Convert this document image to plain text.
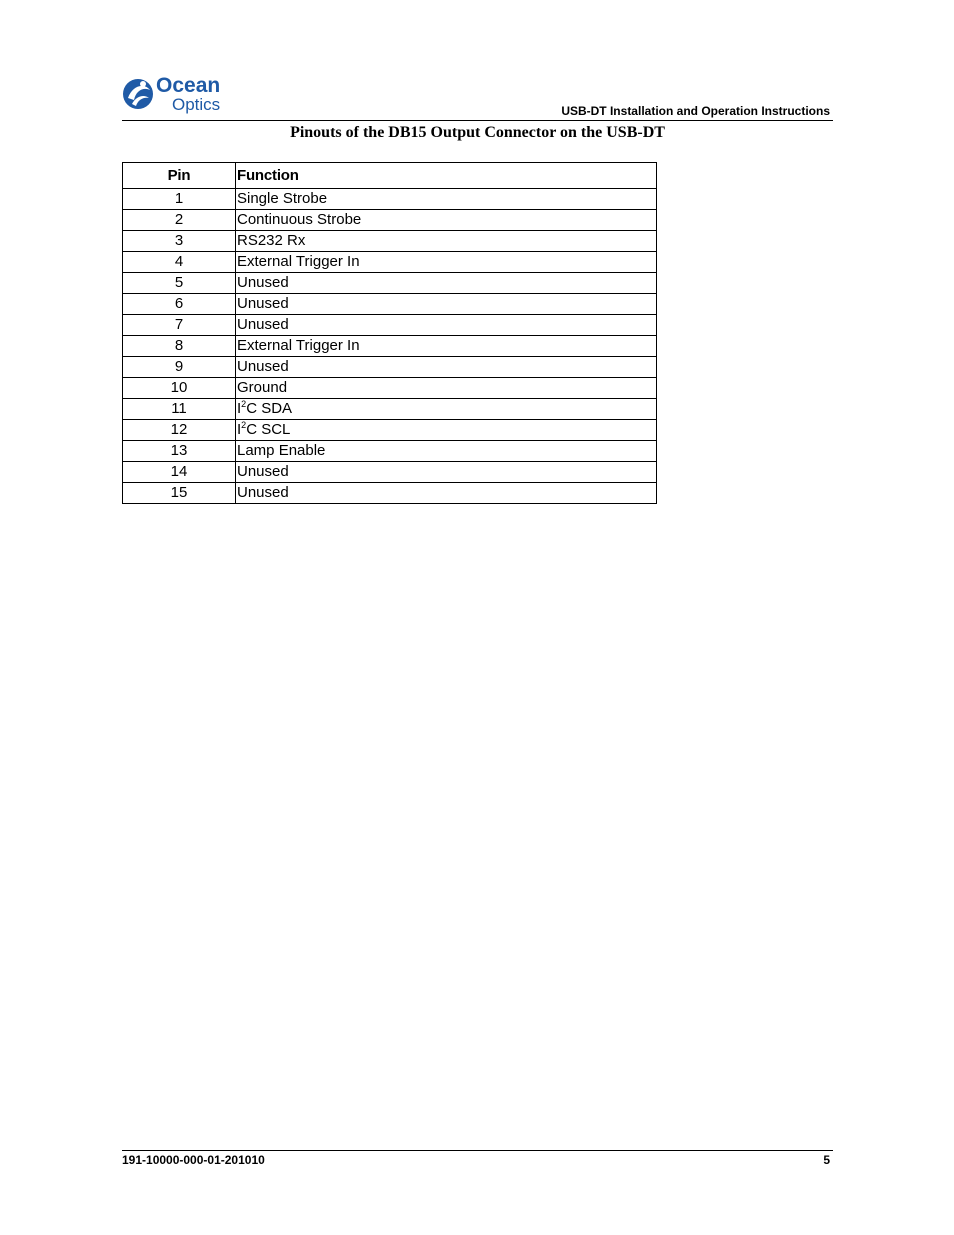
Ocean
Optics	USB-DT Installation and Operation Instructions
Pinouts of the DB15 Output Connector on the USB-DT
Pin	Function
1	Single Strobe
2	Continuous Strobe
3	RS232 Rx
4	External Trigger In
5	Unused
6	Unused
7	Unused
8	External Trigger In
9	Unused
10	Ground
11	$I^2C$ SDA
12	$I^2C$ SCL
13	Lamp Enable
14	Unused
15	Unused
191-10000-000-01-201010	5
